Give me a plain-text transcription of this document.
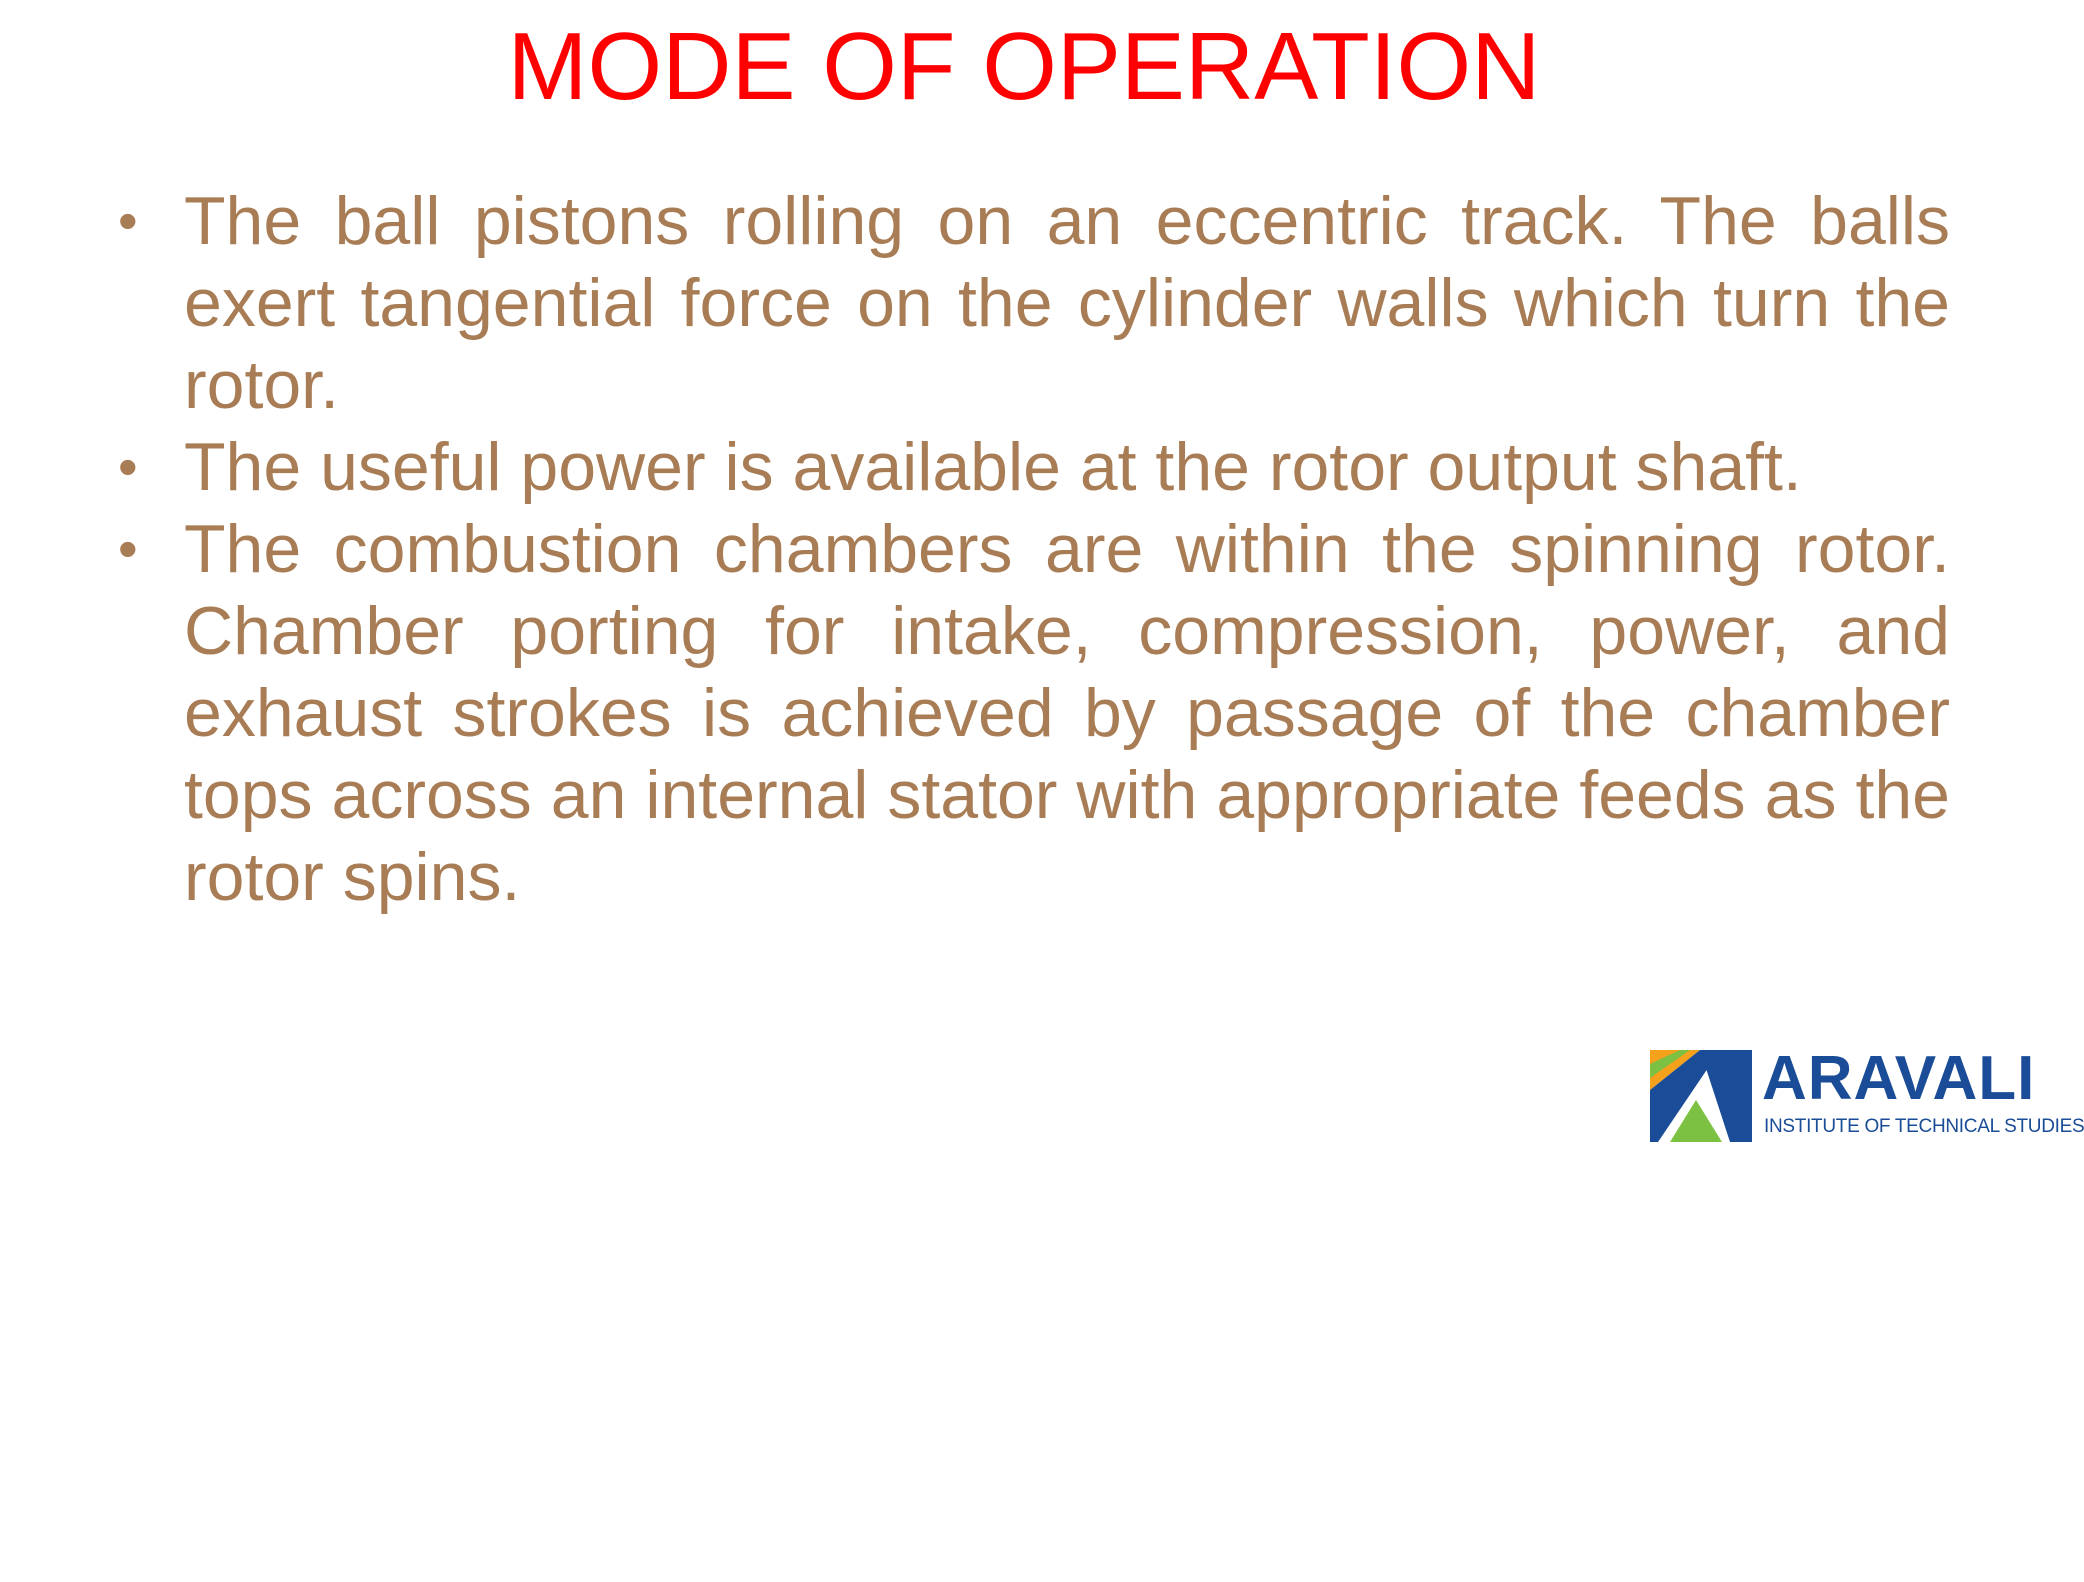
MODE OF OPERATION
• The ball pistons rolling on an eccentric track. The balls exert tangential force on the cylinder walls which turn the rotor.
• The useful power is available at the rotor output shaft.
• The combustion chambers are within the spinning rotor. Chamber porting for intake, compression, power, and exhaust strokes is achieved by passage of the chamber tops across an internal stator with appropriate feeds as the rotor spins.
ARAVALI
INSTITUTE OF TECHNICAL STUDIES
